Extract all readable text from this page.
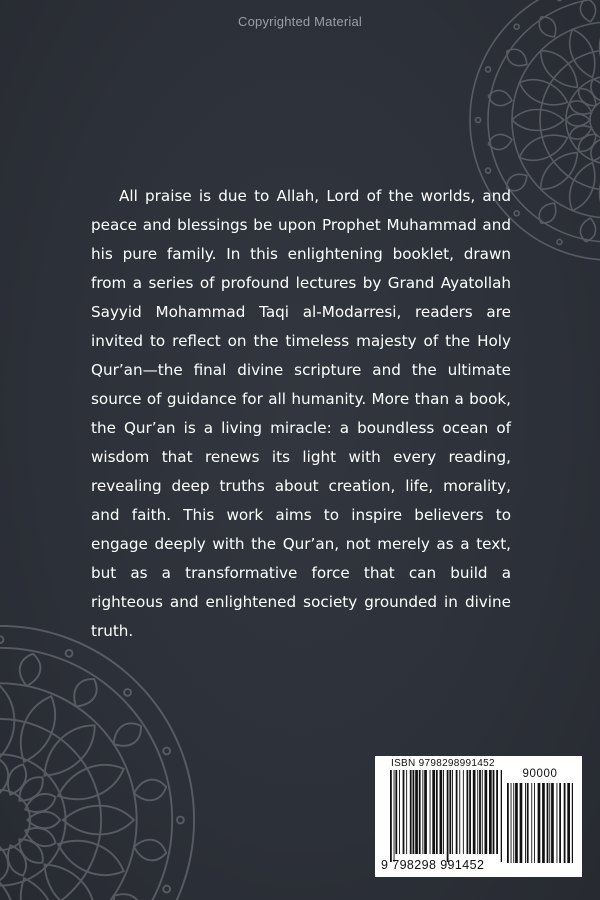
Copyrighted Material

All praise is due to Allah, Lord of the worlds, and peace and blessings be upon Prophet Muhammad and his pure family. In this enlightening booklet, drawn from a series of profound lectures by Grand Ayatollah Sayyid Mohammad Taqi al-Modarresi, readers are invited to reflect on the timeless majesty of the Holy Qur’an—the final divine scripture and the ultimate source of guidance for all humanity. More than a book, the Qur’an is a living miracle: a boundless ocean of wisdom that renews its light with every reading, revealing deep truths about creation, life, morality, and faith. This work aims to inspire believers to engage deeply with the Qur’an, not merely as a text, but as a transformative force that can build a righteous and enlightened society grounded in divine truth.

ISBN 9798298991452
90000
9 798298 991452
